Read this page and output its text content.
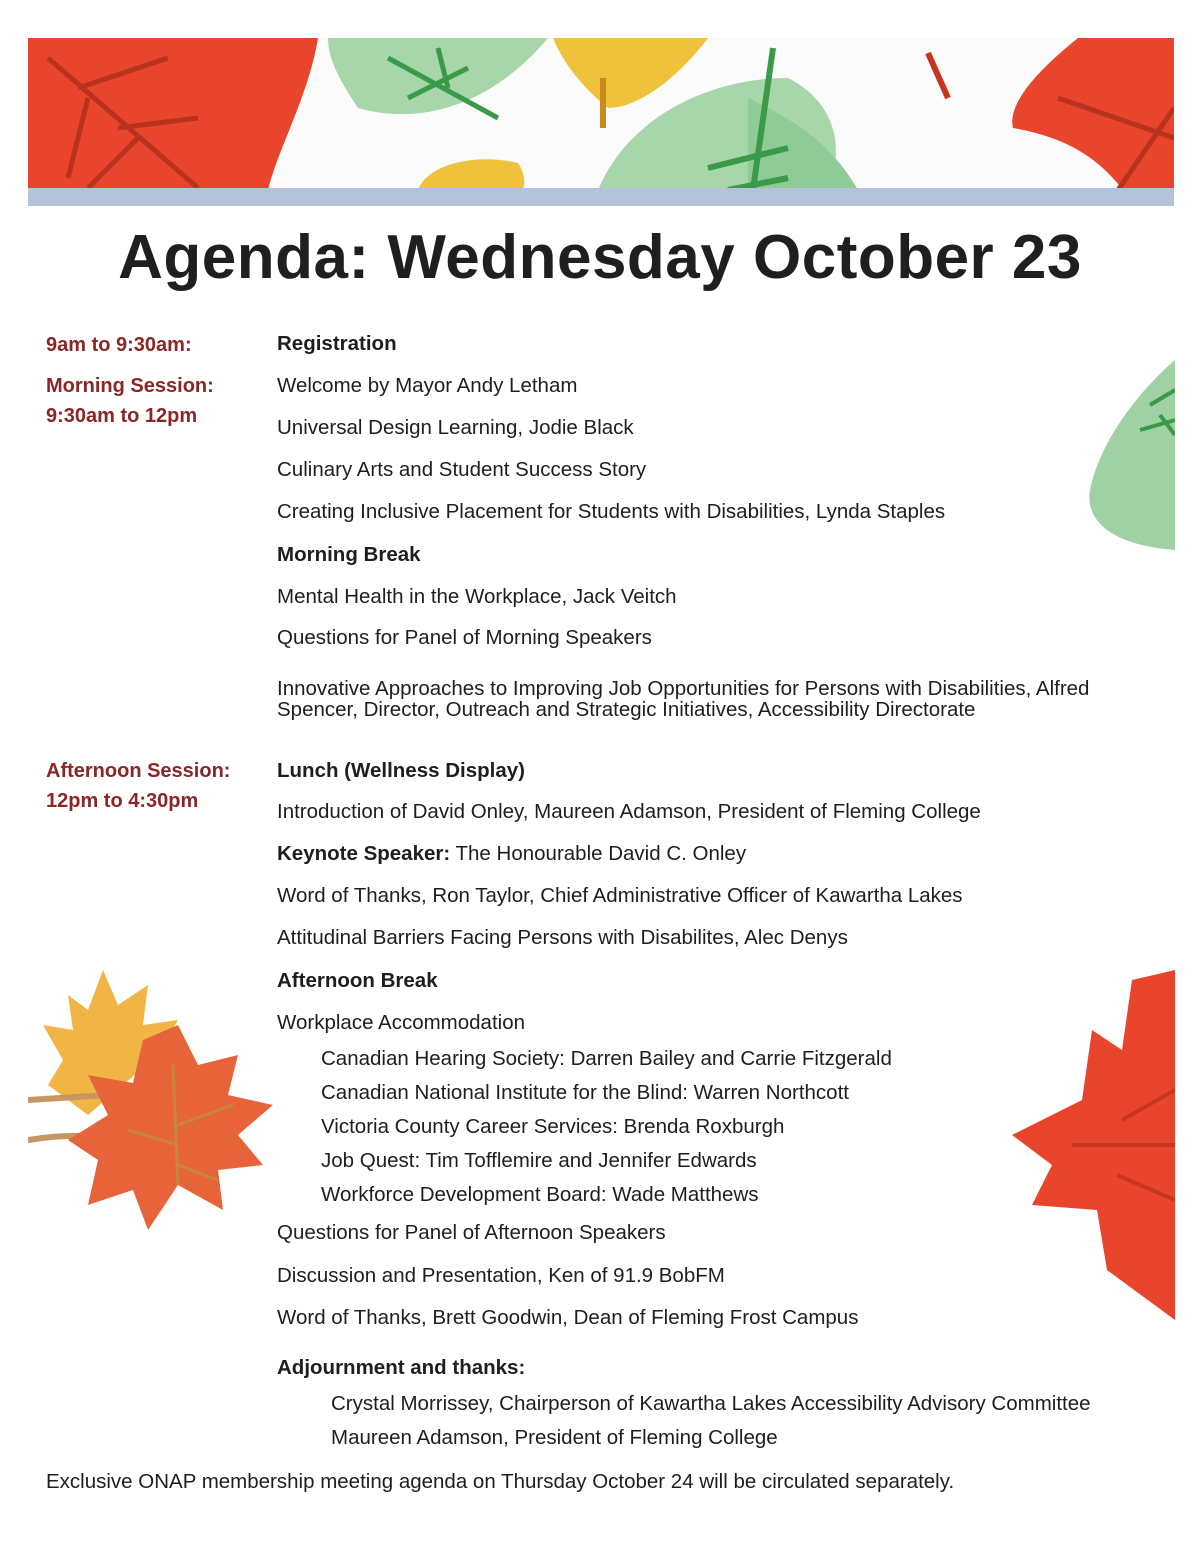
Agenda: Wednesday October 23
9am to 9:30am:
Morning Session:
9:30am to 12pm
Afternoon Session:
12pm to 4:30pm
Registration
Welcome by Mayor Andy Letham
Universal Design Learning, Jodie Black
Culinary Arts and Student Success Story
Creating Inclusive Placement for Students with Disabilities, Lynda Staples
Morning Break
Mental Health in the Workplace, Jack Veitch
Questions for Panel of Morning Speakers
Innovative Approaches to Improving Job Opportunities for Persons with Disabilities, Alfred Spencer, Director, Outreach and Strategic Initiatives, Accessibility Directorate
Lunch (Wellness Display)
Introduction of David Onley, Maureen Adamson, President of Fleming College
Keynote Speaker: The Honourable David C. Onley
Word of Thanks, Ron Taylor, Chief Administrative Officer of Kawartha Lakes
Attitudinal Barriers Facing Persons with Disabilites, Alec Denys
Afternoon Break
Workplace Accommodation
Canadian Hearing Society: Darren Bailey and Carrie Fitzgerald
Canadian National Institute for the Blind: Warren Northcott
Victoria County Career Services: Brenda Roxburgh
Job Quest: Tim Tofflemire and Jennifer Edwards
Workforce Development Board: Wade Matthews
Questions for Panel of Afternoon Speakers
Discussion and Presentation, Ken of 91.9 BobFM
Word of Thanks, Brett Goodwin, Dean of Fleming Frost Campus
Adjournment and thanks:
Crystal Morrissey, Chairperson of Kawartha Lakes Accessibility Advisory Committee
Maureen Adamson, President of Fleming College
Exclusive ONAP membership meeting agenda on Thursday October 24 will be circulated separately.
